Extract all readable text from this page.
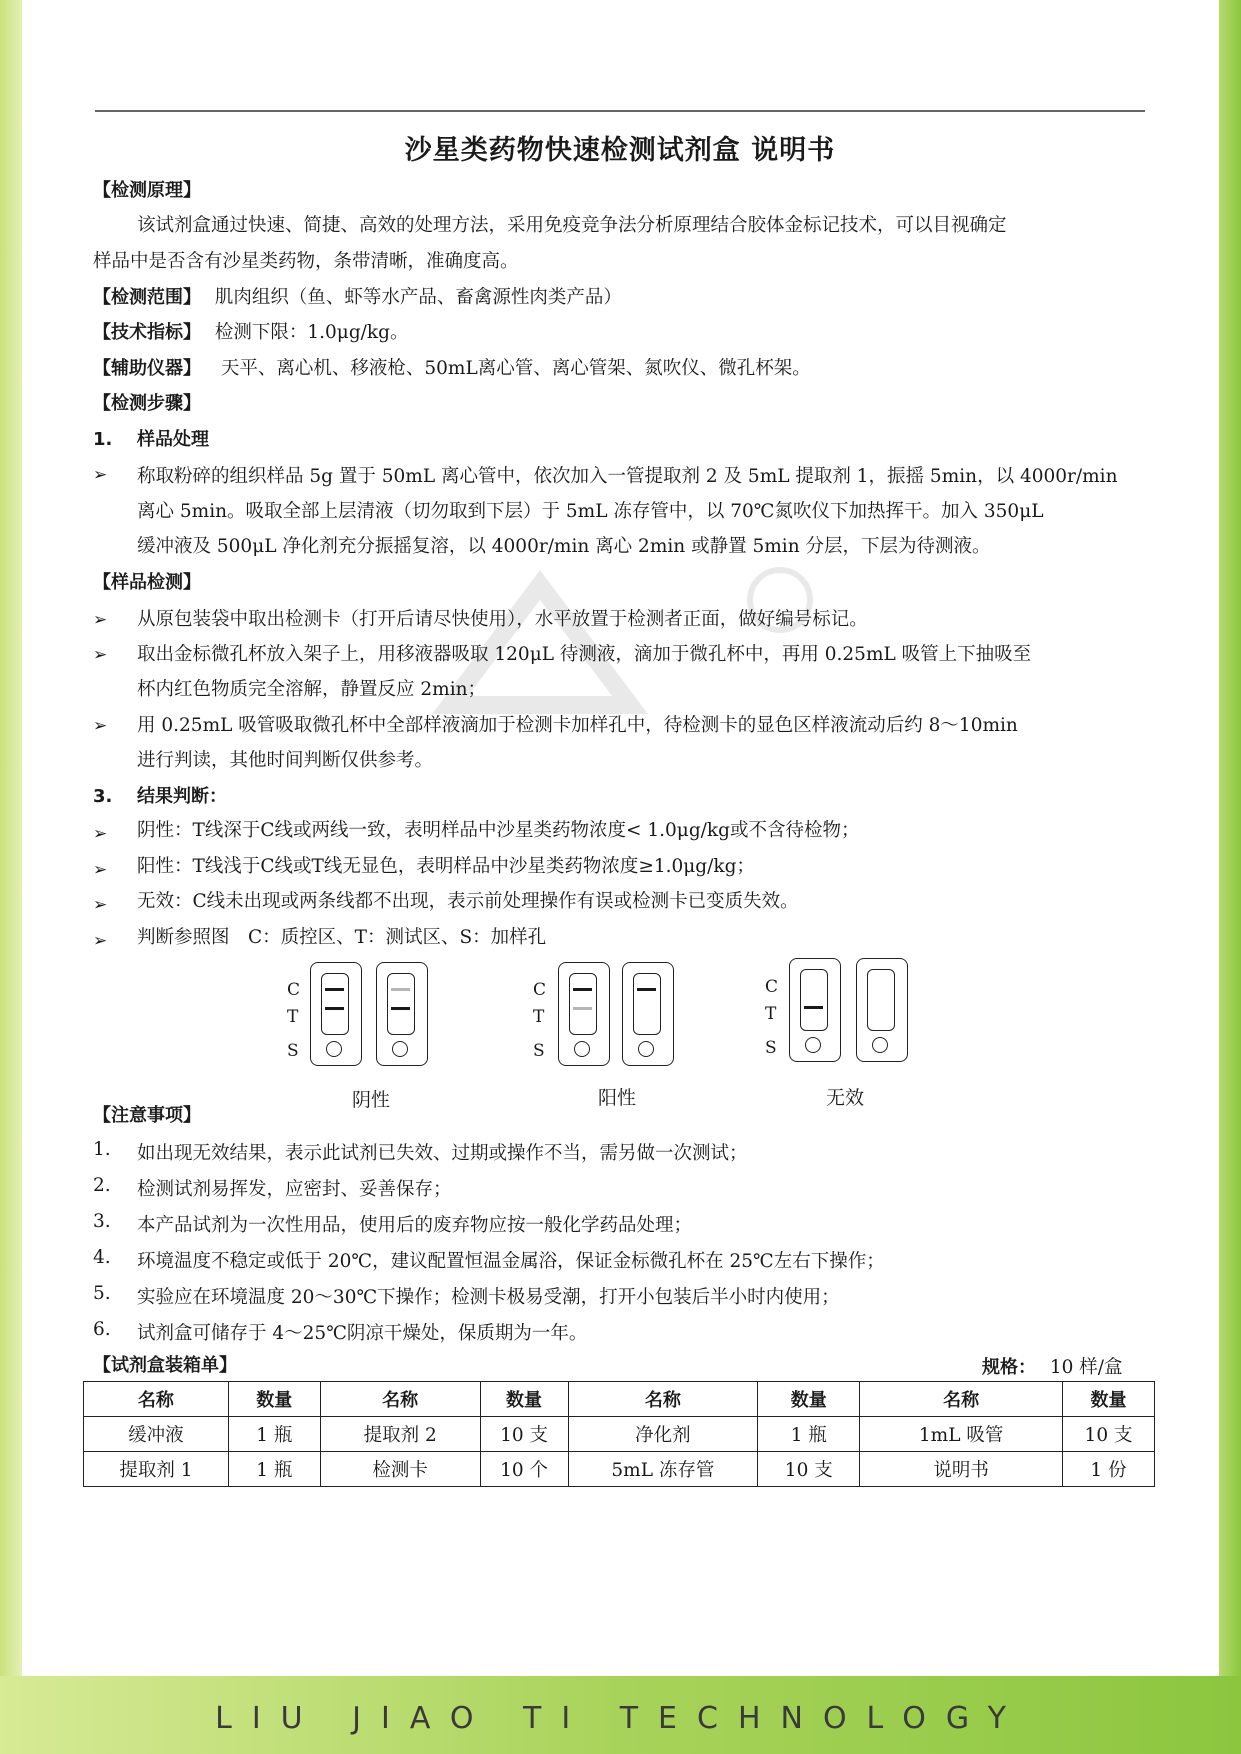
LIU JIAO TI TECHNOLOGY
沙星类药物快速检测试剂盒 说明书
【检测原理】
该试剂盒通过快速、简捷、高效的处理方法，采用免疫竞争法分析原理结合胶体金标记技术，可以目视确定
样品中是否含有沙星类药物，条带清晰，准确度高。
【检测范围】 肌肉组织（鱼、虾等水产品、畜禽源性肉类产品）
【技术指标】 检测下限：1.0μg/kg。
【辅助仪器】 天平、离心机、移液枪、50mL离心管、离心管架、氮吹仪、微孔杯架。
【检测步骤】
1. 样品处理
➢ 称取粉碎的组织样品 5g 置于 50mL 离心管中，依次加入一管提取剂 2 及 5mL 提取剂 1，振摇 5min，以 4000r/min
离心 5min。吸取全部上层清液（切勿取到下层）于 5mL 冻存管中，以 70℃氮吹仪下加热挥干。加入 350μL
缓冲液及 500μL 净化剂充分振摇复溶，以 4000r/min 离心 2min 或静置 5min 分层，下层为待测液。
【样品检测】
➢ 从原包装袋中取出检测卡（打开后请尽快使用），水平放置于检测者正面，做好编号标记。
➢ 取出金标微孔杯放入架子上，用移液器吸取 120μL 待测液，滴加于微孔杯中，再用 0.25mL 吸管上下抽吸至
杯内红色物质完全溶解，静置反应 2min；
➢ 用 0.25mL 吸管吸取微孔杯中全部样液滴加于检测卡加样孔中，待检测卡的显色区样液流动后约 8～10min
进行判读，其他时间判断仅供参考。
3. 结果判断：
➢ 阴性：T线深于C线或两线一致，表明样品中沙星类药物浓度< 1.0μg/kg或不含待检物；
➢ 阳性：T线浅于C线或T线无显色，表明样品中沙星类药物浓度≥1.0μg/kg；
➢ 无效：C线未出现或两条线都不出现，表示前处理操作有误或检测卡已变质失效。
➢ 判断参照图　C：质控区、T：测试区、S：加样孔
C
T
S
阴性
C
T
S
阳性
C
T
S
无效
【注意事项】
1. 如出现无效结果，表示此试剂已失效、过期或操作不当，需另做一次测试；
2. 检测试剂易挥发，应密封、妥善保存；
3. 本产品试剂为一次性用品，使用后的废弃物应按一般化学药品处理；
4. 环境温度不稳定或低于 20℃，建议配置恒温金属浴，保证金标微孔杯在 25℃左右下操作；
5. 实验应在环境温度 20～30℃下操作；检测卡极易受潮，打开小包装后半小时内使用；
6. 试剂盒可储存于 4～25℃阴凉干燥处，保质期为一年。
【试剂盒装箱单】	规格： 10 样/盒
名称	数量	名称	数量	名称	数量	名称	数量
缓冲液	1 瓶	提取剂 2	10 支	净化剂	1 瓶	1mL 吸管	10 支
提取剂 1	1 瓶	检测卡	10 个	5mL 冻存管	10 支	说明书	1 份
